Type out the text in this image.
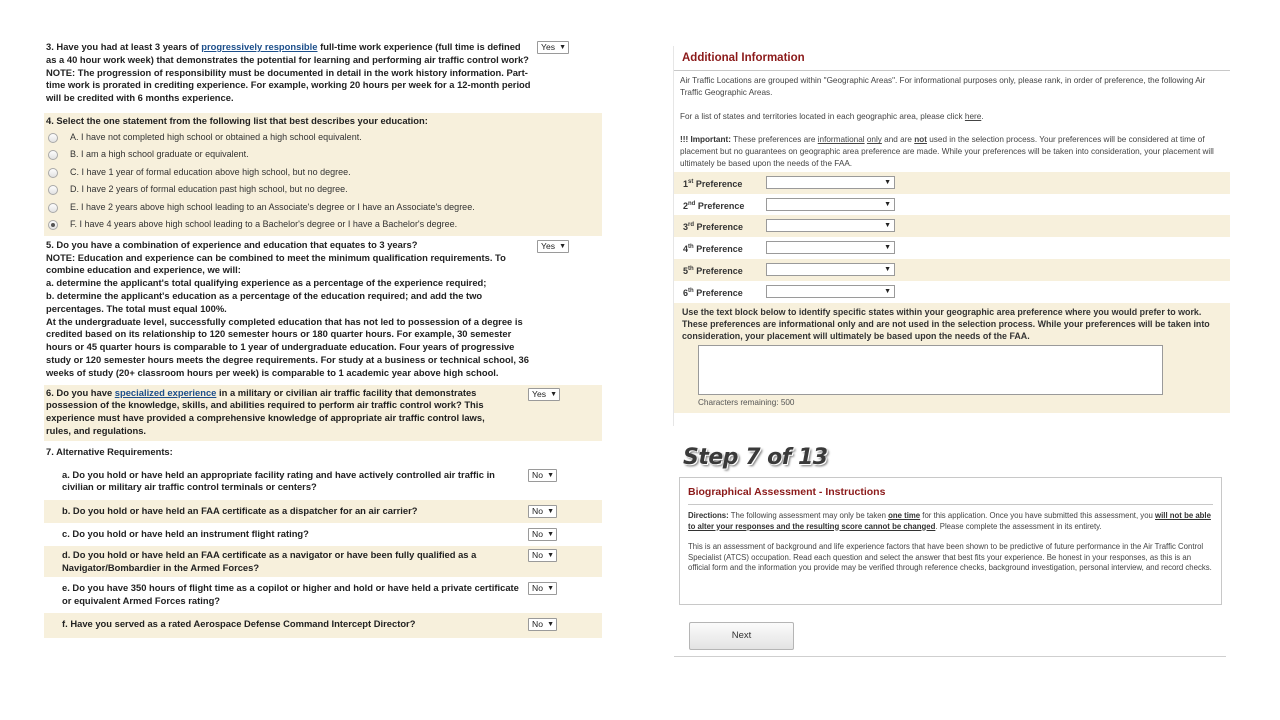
3. Have you had at least 3 years of progressively responsible full-time work experience (full time is defined as a 40 hour work week) that demonstrates the potential for learning and performing air traffic control work? NOTE: The progression of responsibility must be documented in detail in the work history information. Part-time work is prorated in crediting experience. For example, working 20 hours per week for a 12-month period will be credited with 6 months experience.

Yes ▼

4. Select the one statement from the following list that best describes your education:

A. I have not completed high school or obtained a high school equivalent.
B. I am a high school graduate or equivalent.
C. I have 1 year of formal education above high school, but no degree.
D. I have 2 years of formal education past high school, but no degree.
E. I have 2 years above high school leading to an Associate's degree or I have an Associate's degree.
F. I have 4 years above high school leading to a Bachelor's degree or I have a Bachelor's degree.

5. Do you have a combination of experience and education that equates to 3 years?
NOTE: Education and experience can be combined to meet the minimum qualification requirements. To combine education and experience, we will:
a. determine the applicant's total qualifying experience as a percentage of the experience required;
b. determine the applicant's education as a percentage of the education required; and add the two percentages. The total must equal 100%.
At the undergraduate level, successfully completed education that has not led to possession of a degree is credited based on its relationship to 120 semester hours or 180 quarter hours. For example, 30 semester hours or 45 quarter hours is comparable to 1 year of undergraduate education. Four years of progressive study or 120 semester hours meets the degree requirements. For study at a business or technical school, 36 weeks of study (20+ classroom hours per week) is comparable to 1 academic year above high school.

Yes ▼

6. Do you have specialized experience in a military or civilian air traffic facility that demonstrates possession of the knowledge, skills, and abilities required to perform air traffic control work? This experience must have provided a comprehensive knowledge of appropriate air traffic control laws, rules, and regulations.

Yes ▼

7. Alternative Requirements:

a. Do you hold or have held an appropriate facility rating and have actively controlled air traffic in civilian or military air traffic control terminals or centers?

No ▼

b. Do you hold or have held an FAA certificate as a dispatcher for an air carrier?	No ▼

c. Do you hold or have held an instrument flight rating?	No ▼

d. Do you hold or have held an FAA certificate as a navigator or have been fully qualified as a Navigator/Bombardier in the Armed Forces?

No ▼

e. Do you have 350 hours of flight time as a copilot or higher and hold or have held a private certificate or equivalent Armed Forces rating?

No ▼

f. Have you served as a rated Aerospace Defense Command Intercept Director?	No ▼
Additional Information

Air Traffic Locations are grouped within "Geographic Areas". For informational purposes only, please rank, in order of preference, the following Air Traffic Geographic Areas.

For a list of states and territories located in each geographic area, please click here.

!!! Important: These preferences are informational only and are not used in the selection process. Your preferences will be considered at time of placement but no guarantees on geographic area preference are made. While your preferences will be taken into consideration, your placement will ultimately be based upon the needs of the FAA.

1st Preference
▼
2nd Preference
▼
3rd Preference
▼
4th Preference
▼
5th Preference
▼
6th Preference
▼

Use the text block below to identify specific states within your geographic area preference where you would prefer to work. These preferences are informational only and are not used in the selection process. While your preferences will be taken into consideration, your placement will ultimately be based upon the needs of the FAA.

Characters remaining: 500

Step 7 of 13
Biographical Assessment - Instructions

Directions: The following assessment may only be taken one time for this application. Once you have submitted this assessment, you will not be able to alter your responses and the resulting score cannot be changed. Please complete the assessment in its entirety.

This is an assessment of background and life experience factors that have been shown to be predictive of future performance in the Air Traffic Control Specialist (ATCS) occupation. Read each question and select the answer that best fits your experience. Be honest in your responses, as this is an official form and the information you provide may be verified through reference checks, background investigation, personal interview, and record checks.

Next
